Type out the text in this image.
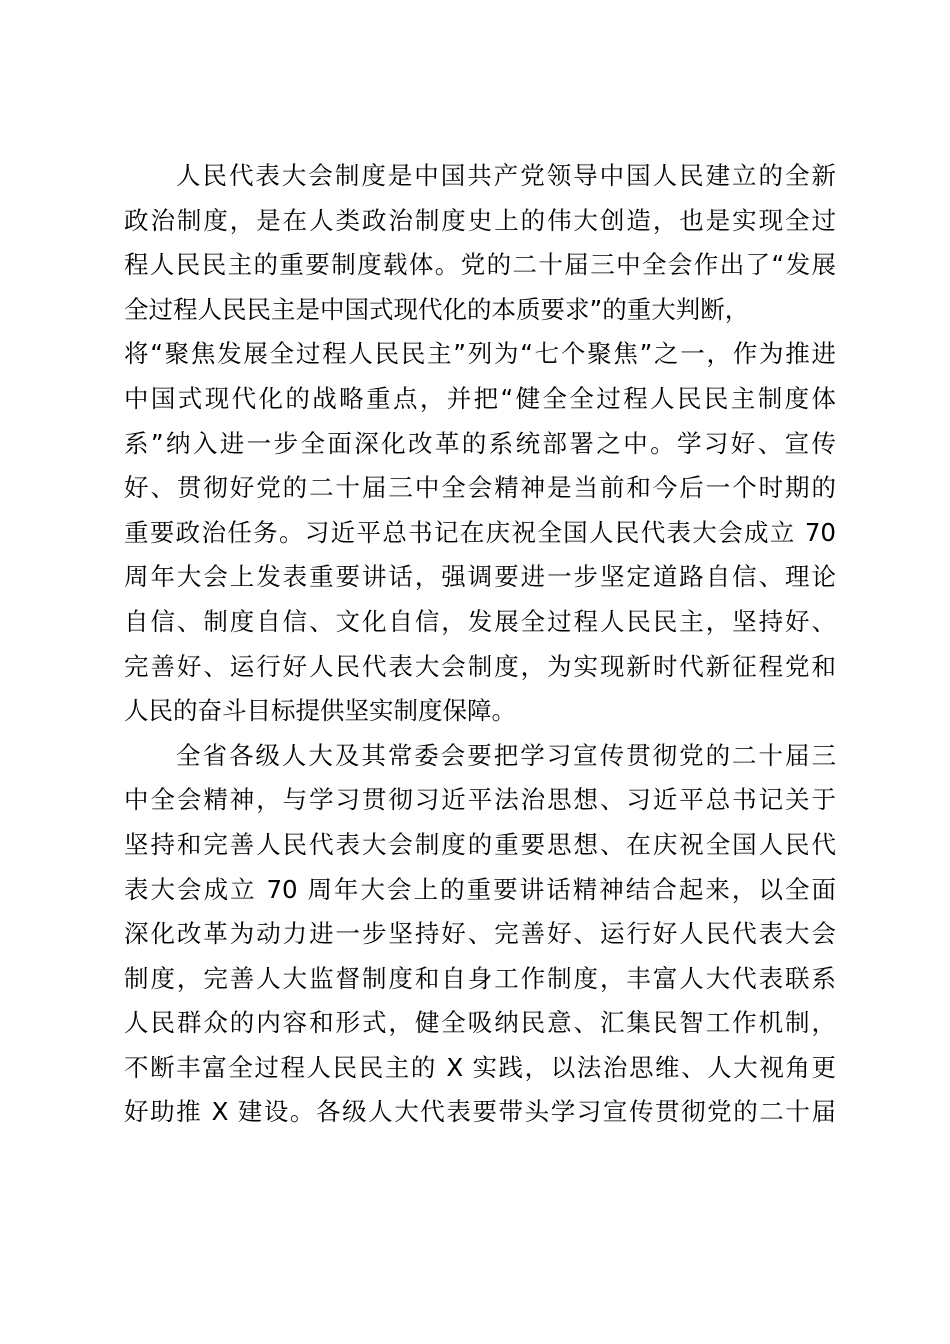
人民代表大会制度是中国共产党领导中国人民建立的全新
政治制度，是在人类政治制度史上的伟大创造，也是实现全过
程人民民主的重要制度载体。党的二十届三中全会作出了“发展
全过程人民民主是中国式现代化的本质要求”的重大判断，
将“聚焦发展全过程人民民主”列为“七个聚焦”之一，作为推进
中国式现代化的战略重点，并把“健全全过程人民民主制度体
系”纳入进一步全面深化改革的系统部署之中。学习好、宣传
好、贯彻好党的二十届三中全会精神是当前和今后一个时期的
重要政治任务。习近平总书记在庆祝全国人民代表大会成立 70
周年大会上发表重要讲话，强调要进一步坚定道路自信、理论
自信、制度自信、文化自信，发展全过程人民民主，坚持好、
完善好、运行好人民代表大会制度，为实现新时代新征程党和
人民的奋斗目标提供坚实制度保障。
全省各级人大及其常委会要把学习宣传贯彻党的二十届三
中全会精神，与学习贯彻习近平法治思想、习近平总书记关于
坚持和完善人民代表大会制度的重要思想、在庆祝全国人民代
表大会成立 70 周年大会上的重要讲话精神结合起来，以全面
深化改革为动力进一步坚持好、完善好、运行好人民代表大会
制度，完善人大监督制度和自身工作制度，丰富人大代表联系
人民群众的内容和形式，健全吸纳民意、汇集民智工作机制，
不断丰富全过程人民民主的 X 实践，以法治思维、人大视角更
好助推 X 建设。各级人大代表要带头学习宣传贯彻党的二十届
